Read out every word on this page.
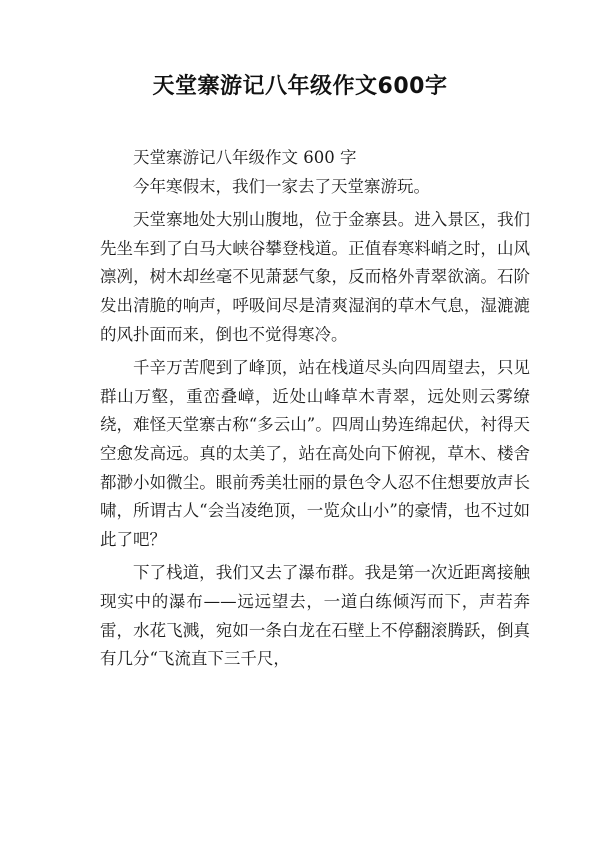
天堂寨游记八年级作文600字

天堂寨游记八年级作文 600 字

今年寒假末，我们一家去了天堂寨游玩。

天堂寨地处大别山腹地，位于金寨县。进入景区，我们先坐车到了白马大峡谷攀登栈道。正值春寒料峭之时，山风凛冽，树木却丝毫不见萧瑟气象，反而格外青翠欲滴。石阶发出清脆的响声，呼吸间尽是清爽湿润的草木气息，湿漉漉的风扑面而来，倒也不觉得寒冷。

千辛万苦爬到了峰顶，站在栈道尽头向四周望去，只见群山万壑，重峦叠嶂，近处山峰草木青翠，远处则云雾缭绕，难怪天堂寨古称“多云山”。四周山势连绵起伏，衬得天空愈发高远。真的太美了，站在高处向下俯视，草木、楼舍都渺小如微尘。眼前秀美壮丽的景色令人忍不住想要放声长啸，所谓古人“会当凌绝顶，一览众山小”的豪情，也不过如此了吧？

下了栈道，我们又去了瀑布群。我是第一次近距离接触现实中的瀑布——远远望去，一道白练倾泻而下，声若奔雷，水花飞溅，宛如一条白龙在石壁上不停翻滚腾跃，倒真有几分“飞流直下三千尺，
